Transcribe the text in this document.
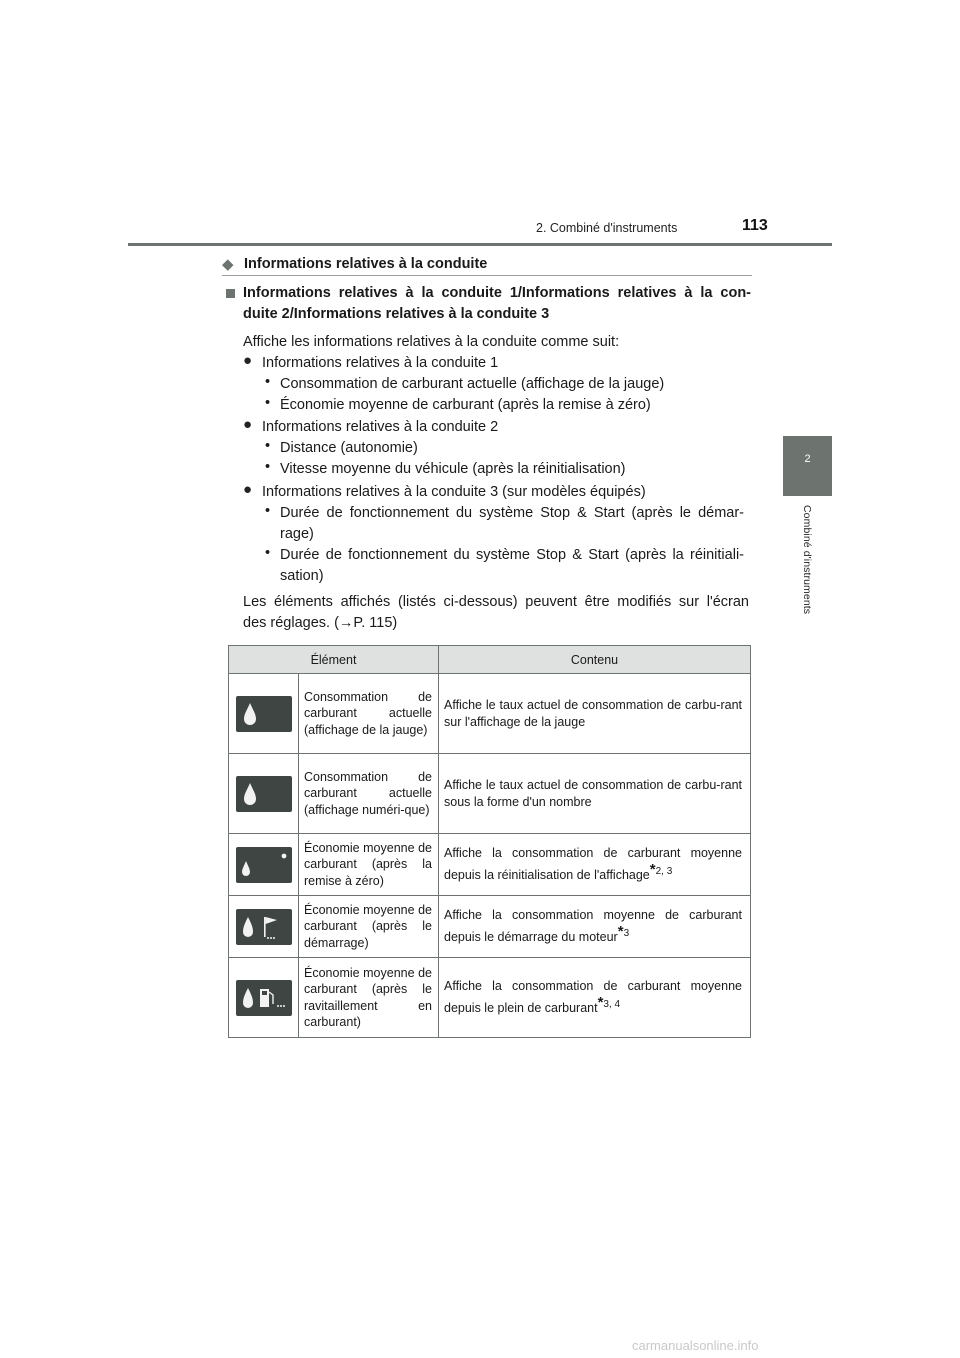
2. Combiné d'instruments	113
2
Combiné d'instruments
◆ Informations relatives à la conduite
Informations relatives à la conduite 1/Informations relatives à la con-
duite 2/Informations relatives à la conduite 3
Affiche les informations relatives à la conduite comme suit:
● Informations relatives à la conduite 1
• Consommation de carburant actuelle (affichage de la jauge)
• Économie moyenne de carburant (après la remise à zéro)
● Informations relatives à la conduite 2
• Distance (autonomie)
• Vitesse moyenne du véhicule (après la réinitialisation)
● Informations relatives à la conduite 3 (sur modèles équipés)
• Durée de fonctionnement du système Stop & Start (après le démar-
rage)
• Durée de fonctionnement du système Stop & Start (après la réinitiali-
sation)
Les éléments affichés (listés ci-dessous) peuvent être modifiés sur l'écran
des réglages. (→P. 115)
Élément		Contenu

	Consommation de carburant actuelle (affichage de la jauge)	Affiche le taux actuel de consommation de carbu-rant sur l'affichage de la jauge

	Consommation de carburant actuelle (affichage numéri-que)	Affiche le taux actuel de consommation de carbu-rant sous la forme d'un nombre

	Économie moyenne de carburant (après la remise à zéro)	Affiche la consommation de carburant moyenne depuis la réinitialisation de l'affichage$^{*2, 3}$

	Économie moyenne de carburant (après le démarrage)	Affiche la consommation moyenne de carburant depuis le démarrage du moteur$^{*3}$

	Économie moyenne de carburant (après le ravitaillement en carburant)	Affiche la consommation de carburant moyenne depuis le plein de carburant$^{*3, 4}$
carmanualsonline.info
